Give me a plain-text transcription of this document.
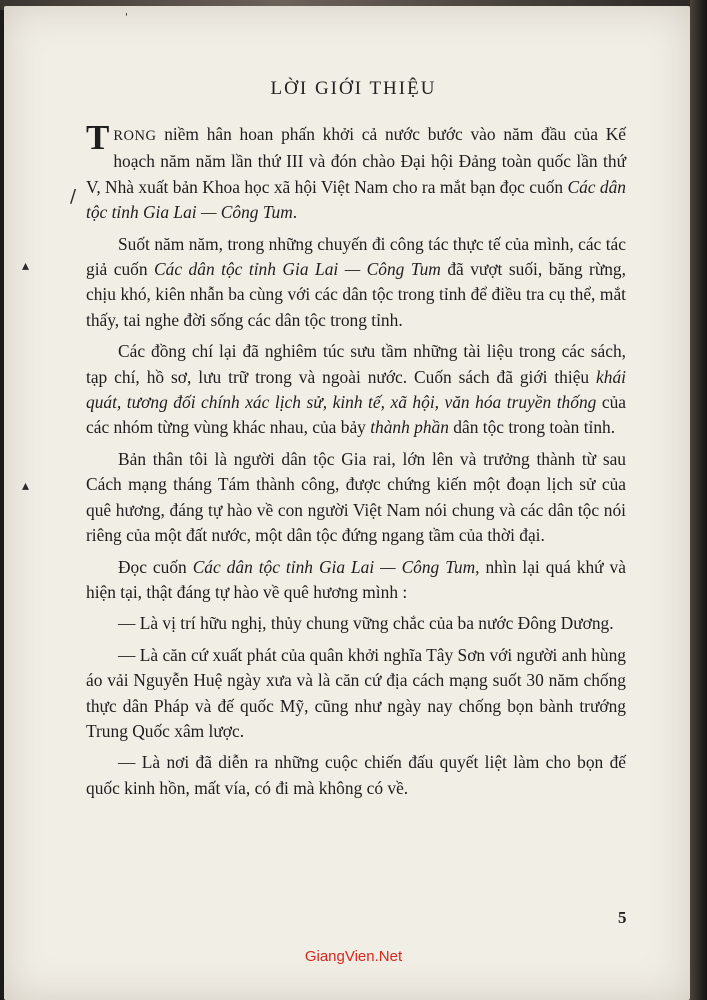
'
▴
▴
/
LỜI GIỚI THIỆU

TRONG niềm hân hoan phấn khởi cả nước bước vào năm đầu của Kế hoạch năm năm lần thứ III và đón chào Đại hội Đảng toàn quốc lần thứ V, Nhà xuất bản Khoa học xã hội Việt Nam cho ra mắt bạn đọc cuốn Các dân tộc tỉnh Gia Lai — Công Tum.

Suốt năm năm, trong những chuyến đi công tác thực tế của mình, các tác giả cuốn Các dân tộc tỉnh Gia Lai — Công Tum đã vượt suối, băng rừng, chịu khó, kiên nhẫn ba cùng với các dân tộc trong tỉnh để điều tra cụ thể, mắt thấy, tai nghe đời sống các dân tộc trong tỉnh.

Các đồng chí lại đã nghiêm túc sưu tầm những tài liệu trong các sách, tạp chí, hồ sơ, lưu trữ trong và ngoài nước. Cuốn sách đã giới thiệu khái quát, tương đối chính xác lịch sử, kinh tế, xã hội, văn hóa truyền thống của các nhóm từng vùng khác nhau, của bảy thành phần dân tộc trong toàn tỉnh.

Bản thân tôi là người dân tộc Gia rai, lớn lên và trưởng thành từ sau Cách mạng tháng Tám thành công, được chứng kiến một đoạn lịch sử của quê hương, đáng tự hào về con người Việt Nam nói chung và các dân tộc nói riêng của một đất nước, một dân tộc đứng ngang tầm của thời đại.

Đọc cuốn Các dân tộc tỉnh Gia Lai — Công Tum, nhìn lại quá khứ và hiện tại, thật đáng tự hào về quê hương mình :

— Là vị trí hữu nghị, thủy chung vững chắc của ba nước Đông Dương.

— Là căn cứ xuất phát của quân khởi nghĩa Tây Sơn với người anh hùng áo vải Nguyễn Huệ ngày xưa và là căn cứ địa cách mạng suốt 30 năm chống thực dân Pháp và đế quốc Mỹ, cũng như ngày nay chống bọn bành trướng Trung Quốc xâm lược.

— Là nơi đã diễn ra những cuộc chiến đấu quyết liệt làm cho bọn đế quốc kinh hồn, mất vía, có đi mà không có về.

5
GiangVien.Net
